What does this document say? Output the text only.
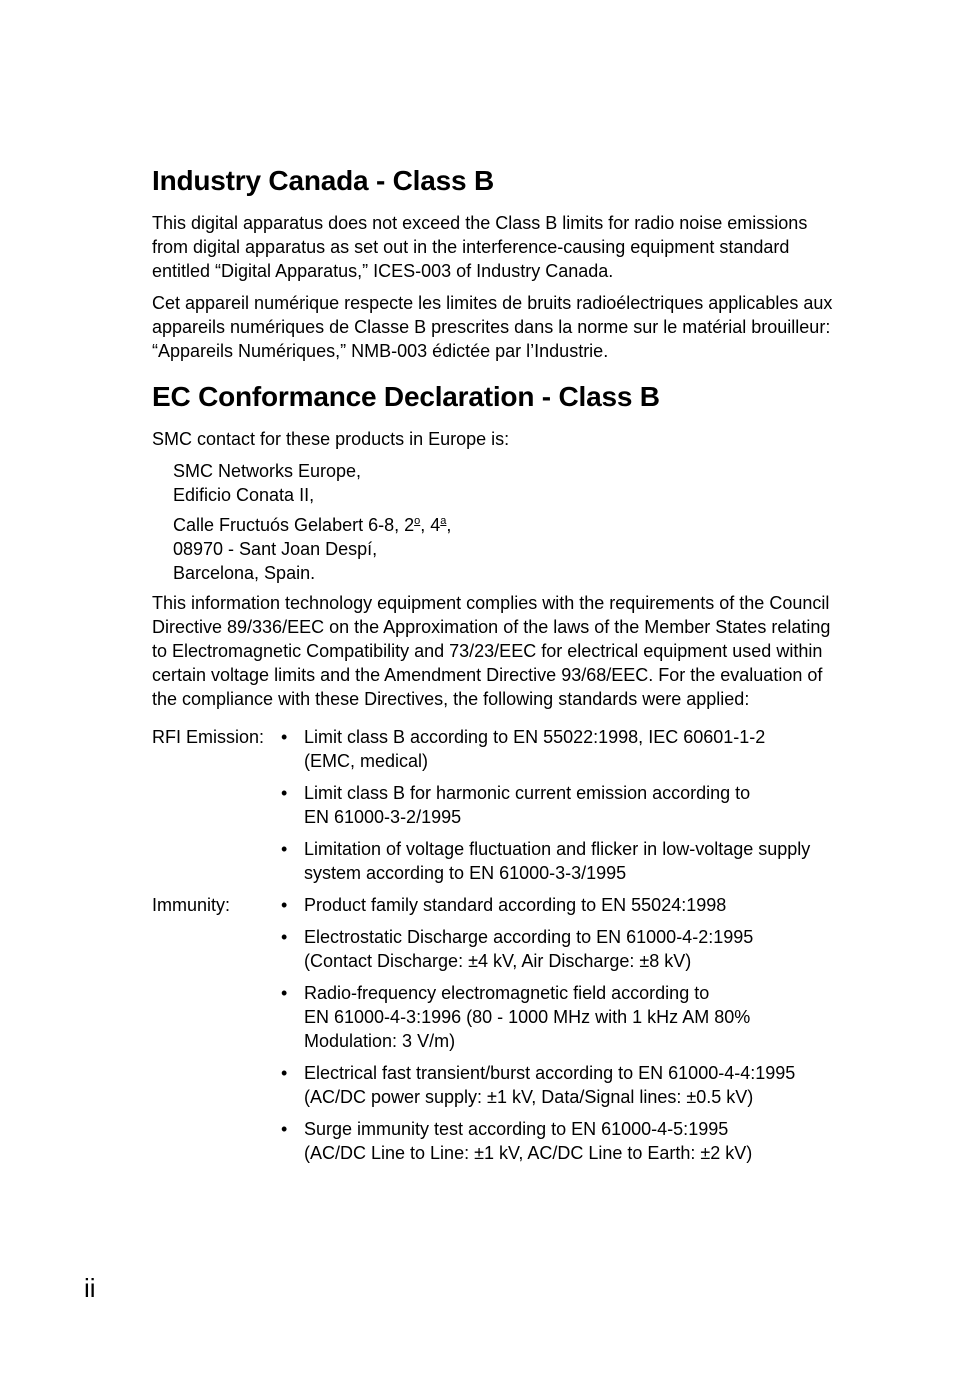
Industry Canada - Class B

This digital apparatus does not exceed the Class B limits for radio noise emissions from digital apparatus as set out in the interference-causing equipment standard entitled “Digital Apparatus,” ICES-003 of Industry Canada.

Cet appareil numérique respecte les limites de bruits radioélectriques applicables aux appareils numériques de Classe B prescrites dans la norme sur le matérial brouilleur: “Appareils Numériques,” NMB-003 édictée par l’Industrie.

EC Conformance Declaration - Class B

SMC contact for these products in Europe is:

SMC Networks Europe,
Edificio Conata II,

Calle Fructuós Gelabert 6-8, 2$^o$, 4$^a$,
08970 - Sant Joan Despí,
Barcelona, Spain.

This information technology equipment complies with the requirements of the Council Directive 89/336/EEC on the Approximation of the laws of the Member States relating to Electromagnetic Compatibility and 73/23/EEC for electrical equipment used within certain voltage limits and the Amendment Directive 93/68/EEC. For the evaluation of the compliance with these Directives, the following standards were applied:

RFI Emission: • Limit class B according to EN 55022:1998, IEC 60601-1-2
(EMC, medical)
• Limit class B for harmonic current emission according to
EN 61000-3-2/1995
• Limitation of voltage fluctuation and flicker in low-voltage supply
system according to EN 61000-3-3/1995
Immunity:	• Product family standard according to EN 55024:1998
• Electrostatic Discharge according to EN 61000-4-2:1995
(Contact Discharge: ±4 kV, Air Discharge: ±8 kV)
• Radio-frequency electromagnetic field according to
EN 61000-4-3:1996 (80 - 1000 MHz with 1 kHz AM 80%
Modulation: 3 V/m)
• Electrical fast transient/burst according to EN 61000-4-4:1995
(AC/DC power supply: ±1 kV, Data/Signal lines: ±0.5 kV)
• Surge immunity test according to EN 61000-4-5:1995
(AC/DC Line to Line: ±1 kV, AC/DC Line to Earth: ±2 kV)
ii
